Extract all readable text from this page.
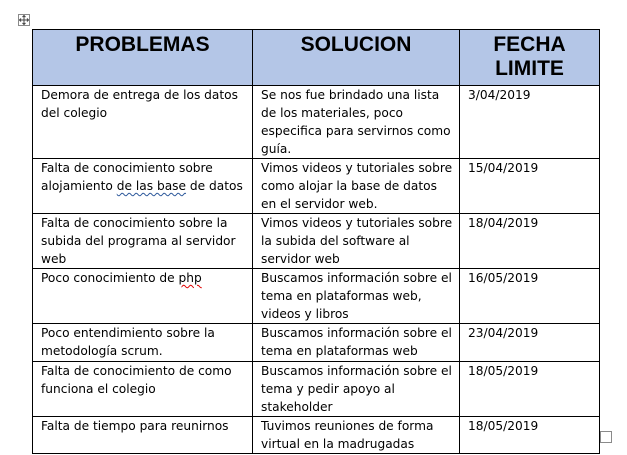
PROBLEMAS	SOLUCION	FECHA LIMITE
Demora de entrega de los datos del colegio	Se nos fue brindado una lista de los materiales, poco especifica para servirnos como guía.	3/04/2019
Falta de conocimiento sobre alojamiento de las base de datos	Vimos videos y tutoriales sobre como alojar la base de datos en el servidor web.	15/04/2019
Falta de conocimiento sobre la subida del programa al servidor web	Vimos videos y tutoriales sobre la subida del software al servidor web	18/04/2019
Poco conocimiento de php	Buscamos información sobre el tema en plataformas web, videos y libros	16/05/2019
Poco entendimiento sobre la metodología scrum.	Buscamos información sobre el tema en plataformas web	23/04/2019
Falta de conocimiento de como funciona el colegio	Buscamos información sobre el tema y pedir apoyo al stakeholder	18/05/2019
Falta de tiempo para reunirnos	Tuvimos reuniones de forma virtual en la madrugadas	18/05/2019
